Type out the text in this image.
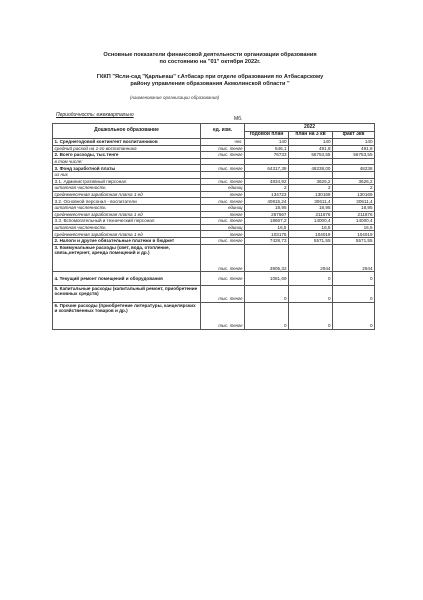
Основные показатели финансовой деятельности организации образования
по состоянию на "01" октября 2022г.
ГККП "Ясли-сад "Қарлығаш" г.Атбасар при отделе образования по Атбасарскому
району управления образования Акмолинской области "
(наименование организации образования)
Периодичность: ежеквартально
Мб.
Дошкольное образование	ед. изм.	2022		
		годовой план	план на 3 кв	факт 3кв
1. Среднегодовой контингент воспитанников	чел.	140	140	140
средний расход на 1-го воспитанника	тыс. тенге	546,1	491,8	491,8
2. Всего расходы, тыс.тенге	тыс. тенге	76733	56753,55	56753,55
в том числе:				
3. Фонд заработной платы	тыс. тенге	64317,39	48238,00	48238
из них				
3.1. Административный персонал	тыс. тенге	4834,92	3626,2	3626,2
штатная численность	единиц	2	2	2
среднемесячная заработная плата 1 ед	тенге	134723	130169	130169
3.2. Основной персонал - воспитатели	тыс. тенге	40815,24	30611,4	30611,4
штатная численность	единиц	18,95	18,95	18,95
среднемесячная заработная плата 1 ед	тенге	267667	211676	211676
3.3. Вспомогательный и технический персонал	тыс. тенге	18667,2	14000,4	14000,4
штатная численность	единиц	16,5	16,5	16,5
среднемесячная заработная плата 1 ед	тенге	103175	104019	104019
2. Налоги и другие обязательные платежи в бюджет	тыс. тенге	7428,73	5571,55	5571,55
3. Коммунальные расходы (свет, вода, отопление, связь,интернет, аренда помещений и др.)	тыс. тенге	3905,32	2944	2944
4. Текущий ремонт помещений и оборудования	тыс. тенге	1081,69	0	0
5. Капитальные расходы (капитальный ремонт, приобретение основных средств)	тыс. тенге	0	0	0
6. Прочие расходы (приобретение литературы, канцелярских и хозяйственных товаров и др.)	тыс. тенге	0	0	0
